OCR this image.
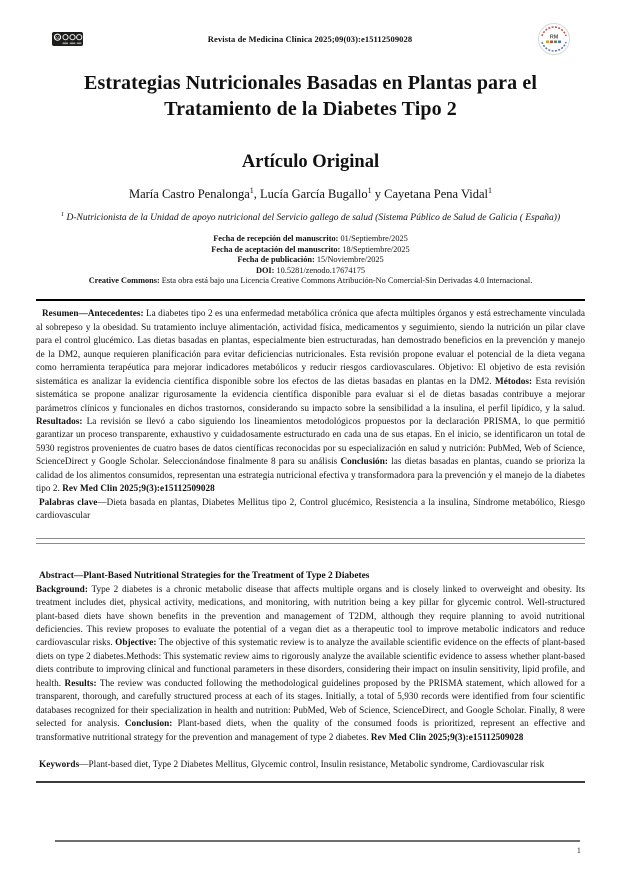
cc	Revista de Medicina Clínica 2025;09(03):e15112509028	RM
Estrategias Nutricionales Basadas en Plantas para el Tratamiento de la Diabetes Tipo 2
Artículo Original
María Castro Penalonga$^1$, Lucía García Bugallo$^1$ y Cayetana Pena Vidal$^1$
$^1$ D-Nutricionista de la Unidad de apoyo nutricional del Servicio gallego de salud (Sistema Público de Salud de Galicia ( España))
Fecha de recepción del manuscrito: 01/Septiembre/2025
Fecha de aceptación del manuscrito: 18/Septiembre/2025
Fecha de publicación: 15/Noviembre/2025
DOI: 10.5281/zenodo.17674175
Creative Commons: Esta obra está bajo una Licencia Creative Commons Atribución-No Comercial-Sin Derivadas 4.0 Internacional.

Resumen—Antecedentes: La diabetes tipo 2 es una enfermedad metabólica crónica que afecta múltiples órganos y está estrechamente vinculada al sobrepeso y la obesidad. Su tratamiento incluye alimentación, actividad física, medicamentos y seguimiento, siendo la nutrición un pilar clave para el control glucémico. Las dietas basadas en plantas, especialmente bien estructuradas, han demostrado beneficios en la prevención y manejo de la DM2, aunque requieren planificación para evitar deficiencias nutricionales. Esta revisión propone evaluar el potencial de la dieta vegana como herramienta terapéutica para mejorar indicadores metabólicos y reducir riesgos cardiovasculares. Objetivo: El objetivo de esta revisión sistemática es analizar la evidencia científica disponible sobre los efectos de las dietas basadas en plantas en la DM2. Métodos: Esta revisión sistemática se propone analizar rigurosamente la evidencia científica disponible para evaluar si el de dietas basadas contribuye a mejorar parámetros clínicos y funcionales en dichos trastornos, considerando su impacto sobre la sensibilidad a la insulina, el perfil lipídico, y la salud. Resultados: La revisión se llevó a cabo siguiendo los lineamientos metodológicos propuestos por la declaración PRISMA, lo que permitió garantizar un proceso transparente, exhaustivo y cuidadosamente estructurado en cada una de sus etapas. En el inicio, se identificaron un total de 5930 registros provenientes de cuatro bases de datos científicas reconocidas por su especialización en salud y nutrición: PubMed, Web of Science, ScienceDirect y Google Scholar. Seleccionándose finalmente 8 para su análisis Conclusión: las dietas basadas en plantas, cuando se prioriza la calidad de los alimentos consumidos, representan una estrategia nutricional efectiva y transformadora para la prevención y el manejo de la diabetes tipo 2. Rev Med Clin 2025;9(3):e15112509028

Palabras clave—Dieta basada en plantas, Diabetes Mellitus tipo 2, Control glucémico, Resistencia a la insulina, Síndrome metabólico, Riesgo cardiovascular

Abstract—Plant-Based Nutritional Strategies for the Treatment of Type 2 Diabetes

Background: Type 2 diabetes is a chronic metabolic disease that affects multiple organs and is closely linked to overweight and obesity. Its treatment includes diet, physical activity, medications, and monitoring, with nutrition being a key pillar for glycemic control. Well-structured plant-based diets have shown benefits in the prevention and management of T2DM, although they require planning to avoid nutritional deficiencies. This review proposes to evaluate the potential of a vegan diet as a therapeutic tool to improve metabolic indicators and reduce cardiovascular risks. Objective: The objective of this systematic review is to analyze the available scientific evidence on the effects of plant-based diets on type 2 diabetes.Methods: This systematic review aims to rigorously analyze the available scientific evidence to assess whether plant-based diets contribute to improving clinical and functional parameters in these disorders, considering their impact on insulin sensitivity, lipid profile, and health. Results: The review was conducted following the methodological guidelines proposed by the PRISMA statement, which allowed for a transparent, thorough, and carefully structured process at each of its stages. Initially, a total of 5,930 records were identified from four scientific databases recognized for their specialization in health and nutrition: PubMed, Web of Science, ScienceDirect, and Google Scholar. Finally, 8 were selected for analysis. Conclusion: Plant-based diets, when the quality of the consumed foods is prioritized, represent an effective and transformative nutritional strategy for the prevention and management of type 2 diabetes. Rev Med Clin 2025;9(3):e15112509028

Keywords—Plant-based diet, Type 2 Diabetes Mellitus, Glycemic control, Insulin resistance, Metabolic syndrome, Cardiovascular risk

1
